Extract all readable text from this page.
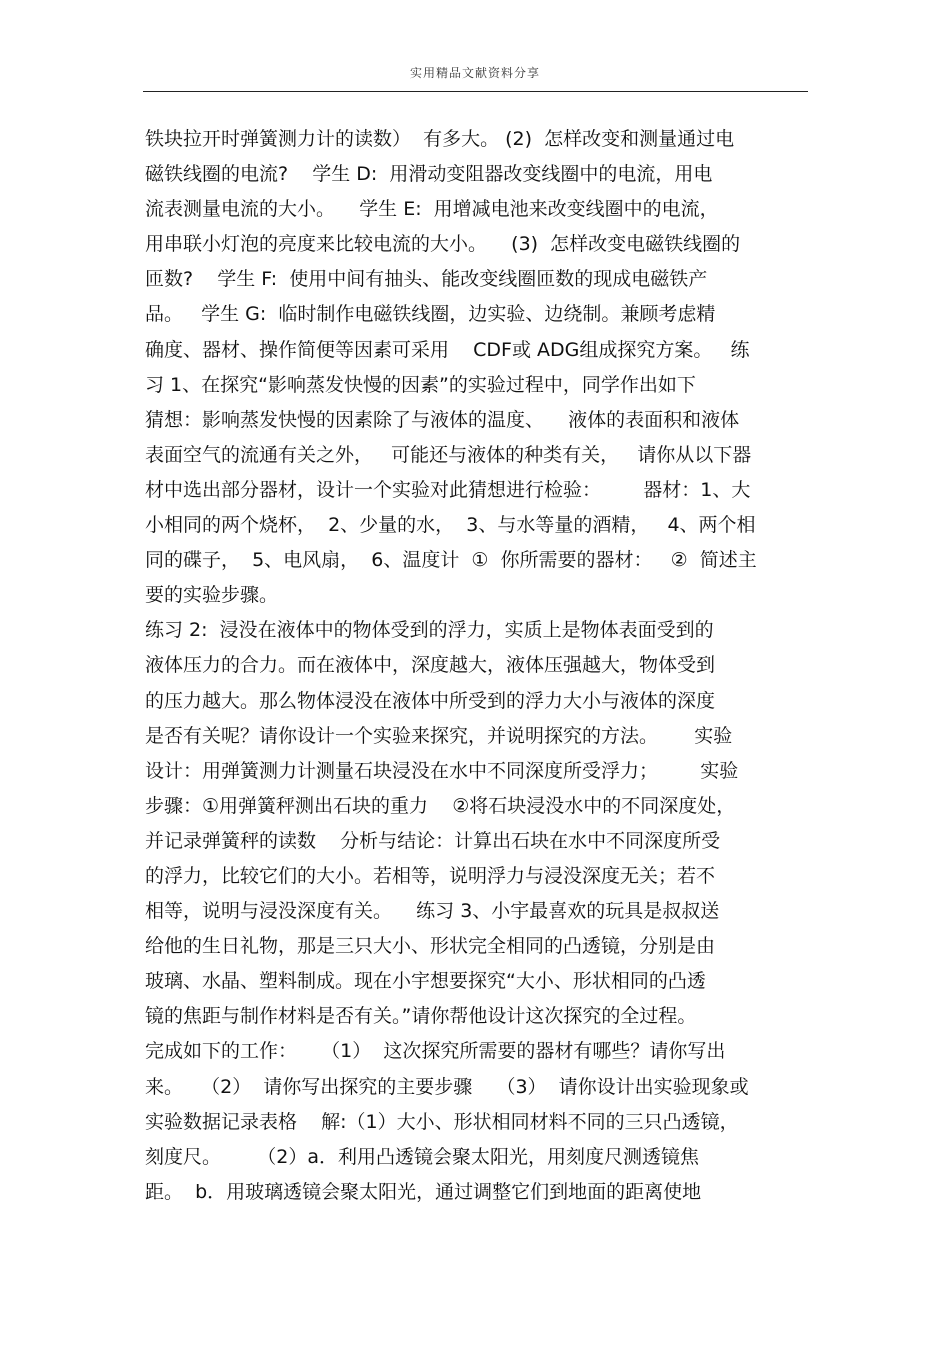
实用精品文献资料分享
铁块拉开时弹簧测力计的读数）  有多大。 (2)  怎样改变和测量通过电
磁铁线圈的电流?    学生 D:  用滑动变阻器改变线圈中的电流，用电
流表测量电流的大小。    学生 E:  用增减电池来改变线圈中的电流，
用串联小灯泡的亮度来比较电流的大小。    (3)  怎样改变电磁铁线圈的
匝数?    学生 F:  使用中间有抽头、能改变线圈匝数的现成电磁铁产
品。   学生 G:  临时制作电磁铁线圈，边实验、边绕制。兼顾考虑精
确度、器材、操作简便等因素可采用    CDF或 ADG组成探究方案。   练
习 1、在探究“影响蒸发快慢的因素”的实验过程中，同学作出如下
猜想：影响蒸发快慢的因素除了与液体的温度、    液体的表面积和液体
表面空气的流通有关之外，   可能还与液体的种类有关，   请你从以下器
材中选出部分器材，设计一个实验对此猜想进行检验：       器材：1、大
小相同的两个烧杯，  2、少量的水，  3、与水等量的酒精，   4、两个相
同的碟子，  5、电风扇，  6、温度计  ①  你所需要的器材：   ②  简述主
要的实验步骤。
练习 2:  浸没在液体中的物体受到的浮力，实质上是物体表面受到的
液体压力的合力。而在液体中，深度越大，液体压强越大，物体受到
的压力越大。那么物体浸没在液体中所受到的浮力大小与液体的深度
是否有关呢？请你设计一个实验来探究，并说明探究的方法。      实验
设计：用弹簧测力计测量石块浸没在水中不同深度所受浮力；       实验
步骤：①用弹簧秤测出石块的重力    ②将石块浸没水中的不同深度处，
并记录弹簧秤的读数    分析与结论：计算出石块在水中不同深度所受
的浮力，比较它们的大小。若相等，说明浮力与浸没深度无关；若不
相等，说明与浸没深度有关。    练习 3、小宇最喜欢的玩具是叔叔送
给他的生日礼物，那是三只大小、形状完全相同的凸透镜，分别是由
玻璃、水晶、塑料制成。现在小宇想要探究“大小、形状相同的凸透
镜的焦距与制作材料是否有关。”请你帮他设计这次探究的全过程。
完成如下的工作：    （1）  这次探究所需要的器材有哪些？请你写出
来。   （2）  请你写出探究的主要步骤    （3）  请你设计出实验现象或
实验数据记录表格    解:（1）大小、形状相同材料不同的三只凸透镜，
刻度尺。      （2）a．利用凸透镜会聚太阳光，用刻度尺测透镜焦
距。  b．用玻璃透镜会聚太阳光，通过调整它们到地面的距离使地
